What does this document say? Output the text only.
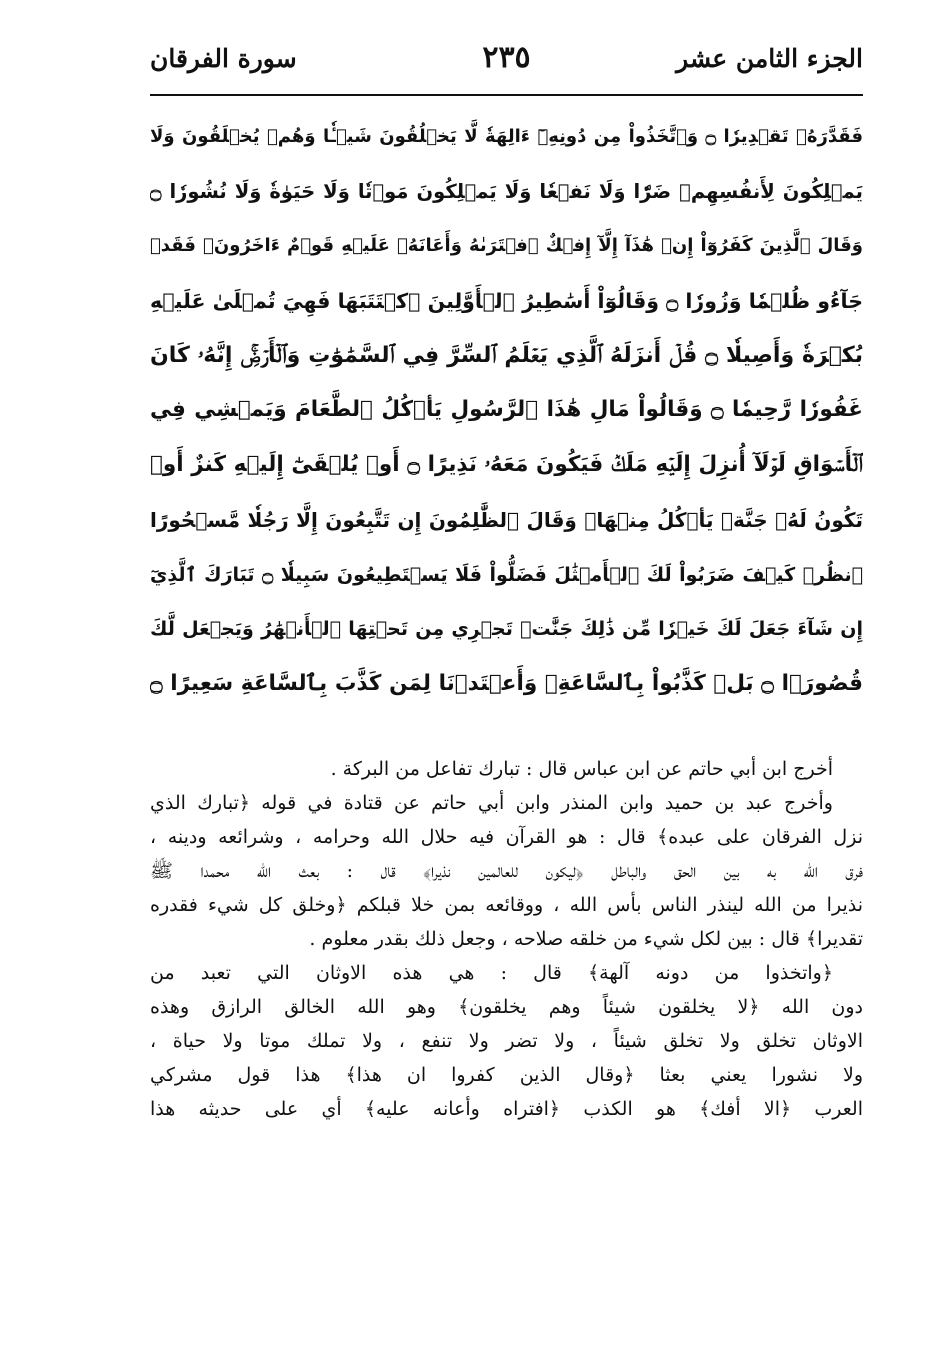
الجزء الثامن عشر
٢٣٥
سورة الفرقان
فَقَدَّرَهُۥ تَقۡدِيرٗا ۝ وَٱتَّخَذُواْ مِن دُونِهِۦٓ ءَالِهَةٗ لَّا يَخۡلُقُونَ شَيۡـٔٗا وَهُمۡ يُخۡلَقُونَ وَلَا
يَمۡلِكُونَ لِأَنفُسِهِمۡ ضَرّٗا وَلَا نَفۡعٗا وَلَا يَمۡلِكُونَ مَوۡتٗا وَلَا حَيَوٰةٗ وَلَا نُشُورٗا ۝
وَقَالَ ٱلَّذِينَ كَفَرُوٓاْ إِنۡ هَٰذَآ إِلَّآ إِفۡكٌ ٱفۡتَرَىٰهُ وَأَعَانَهُۥ عَلَيۡهِ قَوۡمٌ ءَاخَرُونَۖ فَقَدۡ
جَآءُو ظُلۡمٗا وَزُورٗا ۝ وَقَالُوٓاْ أَسَٰطِيرُ ٱلۡأَوَّلِينَ ٱكۡتَتَبَهَا فَهِيَ تُمۡلَىٰ عَلَيۡهِ
بُكۡرَةٗ وَأَصِيلٗا ۝ قُلۡ أَنزَلَهُ ٱلَّذِي يَعۡلَمُ ٱلسِّرَّ فِي ٱلسَّمَٰوَٰتِ وَٱلۡأَرۡضِۚ إِنَّهُۥ كَانَ
غَفُورٗا رَّحِيمٗا ۝ وَقَالُواْ مَالِ هَٰذَا ٱلرَّسُولِ يَأۡكُلُ ٱلطَّعَامَ وَيَمۡشِي فِي
ٱلۡأَسۡوَاقِ لَوۡلَآ أُنزِلَ إِلَيۡهِ مَلَكٞ فَيَكُونَ مَعَهُۥ نَذِيرًا ۝ أَوۡ يُلۡقَىٰٓ إِلَيۡهِ كَنزٌ أَوۡ
تَكُونُ لَهُۥ جَنَّةٞ يَأۡكُلُ مِنۡهَاۚ وَقَالَ ٱلظَّٰلِمُونَ إِن تَتَّبِعُونَ إِلَّا رَجُلٗا مَّسۡحُورًا
ٱنظُرۡ كَيۡفَ ضَرَبُواْ لَكَ ٱلۡأَمۡثَٰلَ فَضَلُّواْ فَلَا يَسۡتَطِيعُونَ سَبِيلٗا ۝ تَبَارَكَ ٱلَّذِيٓ
إِن شَآءَ جَعَلَ لَكَ خَيۡرٗا مِّن ذَٰلِكَ جَنَّٰتٖ تَجۡرِي مِن تَحۡتِهَا ٱلۡأَنۡهَٰرُ وَيَجۡعَل لَّكَ
قُصُورَۢا ۝ بَلۡ كَذَّبُواْ بِٱلسَّاعَةِۖ وَأَعۡتَدۡنَا لِمَن كَذَّبَ بِٱلسَّاعَةِ سَعِيرًا ۝
أخرج ابن أبي حاتم عن ابن عباس قال : تبارك تفاعل من البركة .
وأخرج عبد بن حميد وابن المنذر وابن أبي حاتم عن قتادة في قوله ﴿تبارك الذي
نزل الفرقان على عبده﴾ قال : هو القرآن فيه حلال الله وحرامه ، وشرائعه ودينه ،
فرق الله به بين الحق والباطل ﴿ليكون للعالمين نذيرا﴾ قال : بعث الله محمدا ﷺ
نذيرا من الله لينذر الناس بأس الله ، ووقائعه بمن خلا قبلكم ﴿وخلق كل شيء فقدره
تقديرا﴾ قال : بين لكل شيء من خلقه صلاحه ، وجعل ذلك بقدر معلوم .
﴿واتخذوا من دونه آلهة﴾ قال : هي هذه الاوثان التي تعبد من
دون الله ﴿لا يخلقون شيئاً وهم يخلقون﴾ وهو الله الخالق الرازق وهذه
الاوثان تخلق ولا تخلق شيئاً ، ولا تضر ولا تنفع ، ولا تملك موتا ولا حياة ،
ولا نشورا يعني بعثا ﴿وقال الذين كفروا ان هذا﴾ هذا قول مشركي
العرب ﴿الا أفك﴾ هو الكذب ﴿افتراه وأعانه عليه﴾ أي على حديثه هذا
